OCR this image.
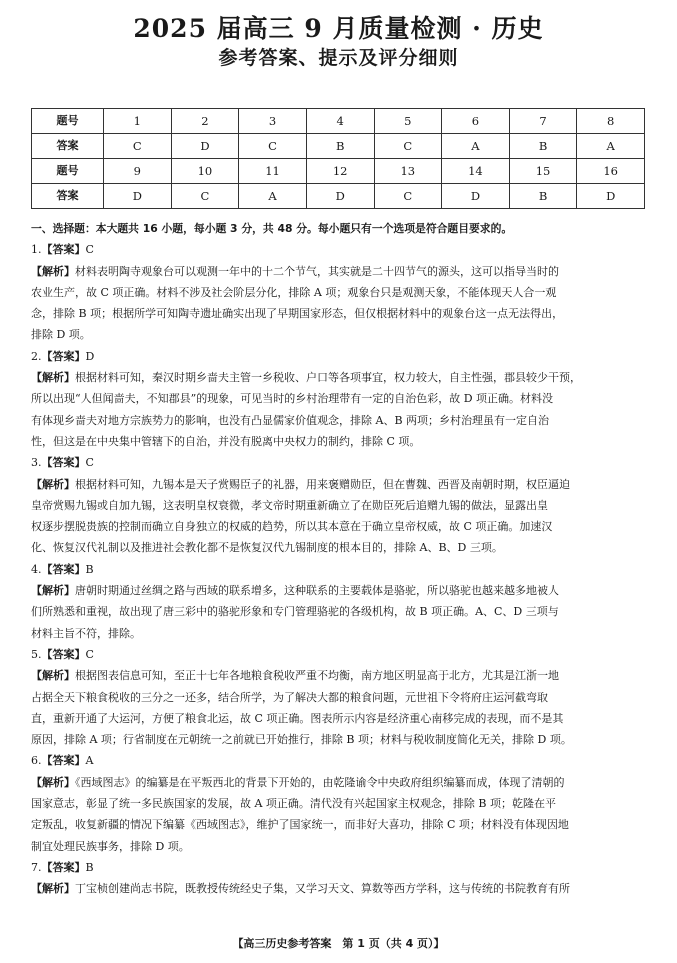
2025 届高三 9 月质量检测 · 历史
参考答案、提示及评分细则
题号	1	2	3	4	5	6	7	8
答案	C	D	C	B	C	A	B	A
题号	9	10	11	12	13	14	15	16
答案	D	C	A	D	C	D	B	D
一、选择题：本大题共 16 小题，每小题 3 分，共 48 分。每小题只有一个选项是符合题目要求的。
1.【答案】C

【解析】材料表明陶寺观象台可以观测一年中的十二个节气，其实就是二十四节气的源头，这可以指导当时的

农业生产，故 C 项正确。材料不涉及社会阶层分化，排除 A 项；观象台只是观测天象，不能体现天人合一观

念，排除 B 项；根据所学可知陶寺遗址确实出现了早期国家形态，但仅根据材料中的观象台这一点无法得出，

排除 D 项。

2.【答案】D

【解析】根据材料可知，秦汉时期乡啬夫主管一乡税收、户口等各项事宜，权力较大，自主性强，郡县较少干预，

所以出现“人但闻啬夫，不知郡县”的现象，可见当时的乡村治理带有一定的自治色彩，故 D 项正确。材料没

有体现乡啬夫对地方宗族势力的影响，也没有凸显儒家价值观念，排除 A、B 两项；乡村治理虽有一定自治

性，但这是在中央集中管辖下的自治，并没有脱离中央权力的制约，排除 C 项。

3.【答案】C

【解析】根据材料可知，九锡本是天子赏赐臣子的礼器，用来褒赠勋臣，但在曹魏、西晋及南朝时期，权臣逼迫

皇帝赏赐九锡或自加九锡，这表明皇权衰微，孝文帝时期重新确立了在勋臣死后追赠九锡的做法，显露出皇

权逐步摆脱贵族的控制而确立自身独立的权威的趋势，所以其本意在于确立皇帝权威，故 C 项正确。加速汉

化、恢复汉代礼制以及推进社会教化都不是恢复汉代九锡制度的根本目的，排除 A、B、D 三项。

4.【答案】B

【解析】唐朝时期通过丝绸之路与西域的联系增多，这种联系的主要载体是骆驼，所以骆驼也越来越多地被人

们所熟悉和重视，故出现了唐三彩中的骆驼形象和专门管理骆驼的各级机构，故 B 项正确。A、C、D 三项与

材料主旨不符，排除。

5.【答案】C

【解析】根据图表信息可知，至正十七年各地粮食税收严重不均衡，南方地区明显高于北方，尤其是江浙一地

占据全天下粮食税收的三分之一还多，结合所学，为了解决大都的粮食问题，元世祖下令将府庄运河截弯取

直，重新开通了大运河，方便了粮食北运，故 C 项正确。图表所示内容是经济重心南移完成的表现，而不是其

原因，排除 A 项；行省制度在元朝统一之前就已开始推行，排除 B 项；材料与税收制度简化无关，排除 D 项。

6.【答案】A

【解析】《西域图志》的编纂是在平叛西北的背景下开始的，由乾隆谕令中央政府组织编纂而成，体现了清朝的

国家意志，彰显了统一多民族国家的发展，故 A 项正确。清代没有兴起国家主权观念，排除 B 项；乾隆在平

定叛乱，收复新疆的情况下编纂《西域图志》，维护了国家统一，而非好大喜功，排除 C 项；材料没有体现因地

制宜处理民族事务，排除 D 项。

7.【答案】B

【解析】丁宝桢创建尚志书院，既教授传统经史子集，又学习天文、算数等西方学科，这与传统的书院教育有所

【高三历史参考答案　第 1 页（共 4 页）】
